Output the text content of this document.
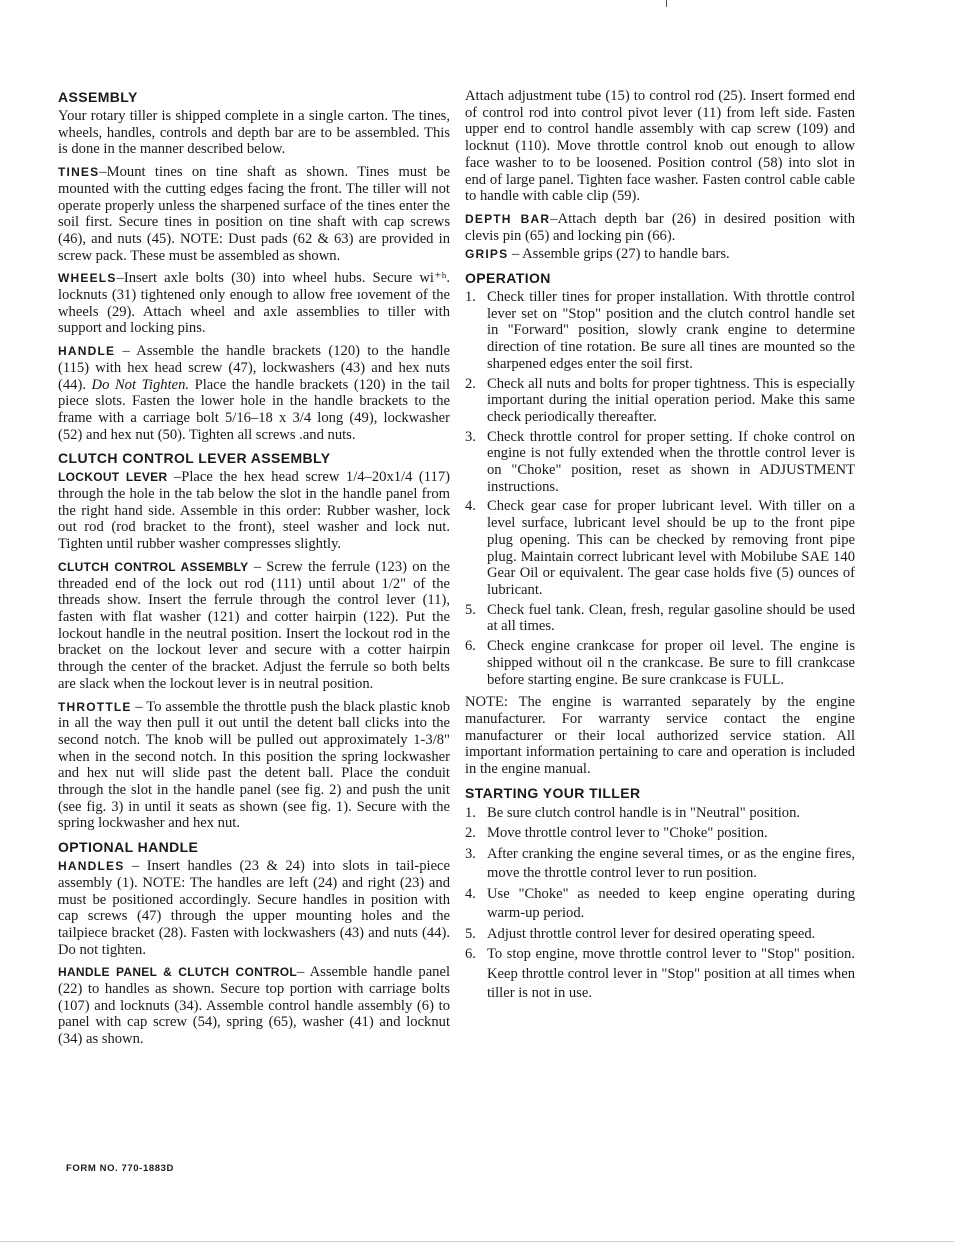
ASSEMBLY

Your rotary tiller is shipped complete in a single carton. The tines, wheels, handles, controls and depth bar are to be assembled. This is done in the manner described below.

TINES–Mount tines on tine shaft as shown. Tines must be mounted with the cutting edges facing the front. The tiller will not operate properly unless the sharpened surface of the tines enter the soil first. Secure tines in position on tine shaft with cap screws (46), and nuts (45). NOTE: Dust pads (62 & 63) are provided in screw pack. These must be assembled as shown.

WHEELS–Insert axle bolts (30) into wheel hubs. Secure wi⁺ʰ. locknuts (31) tightened only enough to allow free ıovement of the wheels (29). Attach wheel and axle assemblies to tiller with support and locking pins.

HANDLE – Assemble the handle brackets (120) to the handle (115) with hex head screw (47), lockwashers (43) and hex nuts (44). Do Not Tighten. Place the handle brackets (120) in the tail piece slots. Fasten the lower hole in the handle brackets to the frame with a carriage bolt 5/16–18 x 3/4 long (49), lockwasher (52) and hex nut (50). Tighten all screws .and nuts.

CLUTCH CONTROL LEVER ASSEMBLY

LOCKOUT LEVER –Place the hex head screw 1/4–20x1/4 (117) through the hole in the tab below the slot in the handle panel from the right hand side. Assemble in this order: Rubber washer, lock out rod (rod bracket to the front), steel washer and lock nut. Tighten until rubber washer compresses slightly.

CLUTCH CONTROL ASSEMBLY – Screw the ferrule (123) on the threaded end of the lock out rod (111) until about 1/2" of the threads show. Insert the ferrule through the control lever (11), fasten with flat washer (121) and cotter hairpin (122). Put the lockout handle in the neutral position. Insert the lockout rod in the bracket on the lockout lever and secure with a cotter hairpin through the center of the bracket. Adjust the ferrule so both belts are slack when the lockout lever is in neutral position.

THROTTLE – To assemble the throttle push the black plastic knob in all the way then pull it out until the detent ball clicks into the second notch. The knob will be pulled out approximately 1-3/8" when in the second notch. In this position the spring lockwasher and hex nut will slide past the detent ball. Place the conduit through the slot in the handle panel (see fig. 2) and push the unit (see fig. 3) in until it seats as shown (see fig. 1). Secure with the spring lockwasher and hex nut.

OPTIONAL HANDLE

HANDLES – Insert handles (23 & 24) into slots in tail-piece assembly (1). NOTE: The handles are left (24) and right (23) and must be positioned accordingly. Secure handles in position with cap screws (47) through the upper mounting holes and the tailpiece bracket (28). Fasten with lockwashers (43) and nuts (44). Do not tighten.

HANDLE PANEL & CLUTCH CONTROL– Assemble handle panel (22) to handles as shown. Secure top portion with carriage bolts (107) and locknuts (34). Assemble control handle assembly (6) to panel with cap screw (54), spring (65), washer (41) and locknut (34) as shown.

Attach adjustment tube (15) to control rod (25). Insert formed end of control rod into control pivot lever (11) from left side. Fasten upper end to control handle assembly with cap screw (109) and locknut (110). Move throttle control knob out enough to allow face washer to to be loosened. Position control (58) into slot in end of large panel. Tighten face washer. Fasten control cable cable to handle with cable clip (59).

DEPTH BAR–Attach depth bar (26) in desired position with clevis pin (65) and locking pin (66).

GRIPS – Assemble grips (27) to handle bars.

OPERATION
1. Check tiller tines for proper installation. With throttle control lever set on "Stop" position and the clutch control handle set in "Forward" position, slowly crank engine to determine direction of tine rotation. Be sure all tines are mounted so the sharpened edges enter the soil first.
2. Check all nuts and bolts for proper tightness. This is especially important during the initial operation period. Make this same check periodically thereafter.
3. Check throttle control for proper setting. If choke control on engine is not fully extended when the throttle control lever is on "Choke" position, reset as shown in ADJUSTMENT instructions.
4. Check gear case for proper lubricant level. With tiller on a level surface, lubricant level should be up to the front pipe plug opening. This can be checked by removing front pipe plug. Maintain correct lubricant level with Mobilube SAE 140 Gear Oil or equivalent. The gear case holds five (5) ounces of lubricant.
5. Check fuel tank. Clean, fresh, regular gasoline should be used at all times.
6. Check engine crankcase for proper oil level. The engine is shipped without oil n the crankcase. Be sure to fill crankcase before starting engine. Be sure crankcase is FULL.

NOTE: The engine is warranted separately by the engine manufacturer. For warranty service contact the engine manufacturer or their local authorized service station. All important information pertaining to care and operation is included in the engine manual.

STARTING YOUR TILLER
1. Be sure clutch control handle is in "Neutral" position.
2. Move throttle control lever to "Choke" position.
3. After cranking the engine several times, or as the engine fires, move the throttle control lever to run position.
4. Use "Choke" as needed to keep engine operating during warm-up period.
5. Adjust throttle control lever for desired operating speed.
6. To stop engine, move throttle control lever to "Stop" position. Keep throttle control lever in "Stop" position at all times when tiller is not in use.
FORM NO. 770-1883D
